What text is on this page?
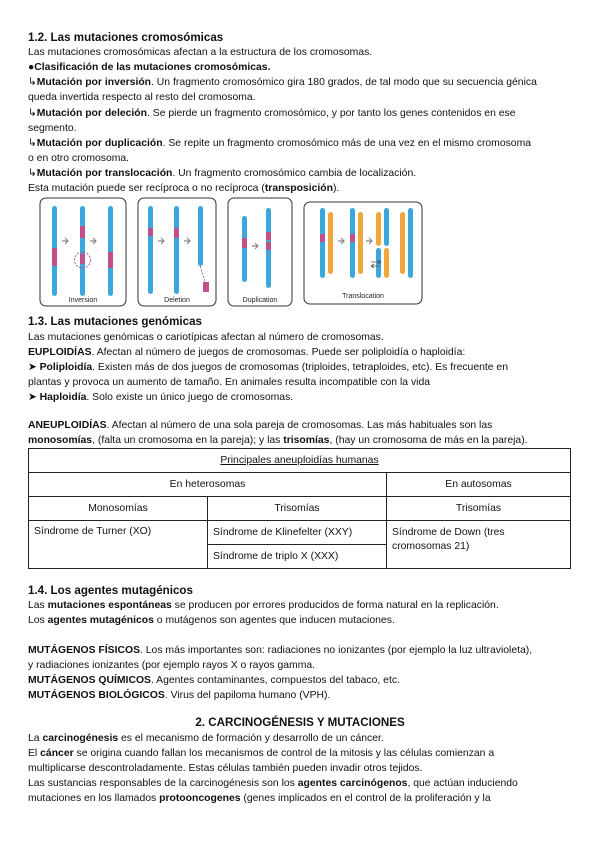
1.2. Las mutaciones cromosómicas
Las mutaciones cromosómicas afectan a la estructura de los cromosomas.
●Clasificación de las mutaciones cromosómicas.
↳Mutación por inversión. Un fragmento cromosómico gira 180 grados, de tal modo que su secuencia génica
queda invertida respecto al resto del cromosoma.
↳Mutación por deleción. Se pierde un fragmento cromosómico, y por tanto los genes contenidos en ese
segmento.
↳Mutación por duplicación. Se repite un fragmento cromosómico más de una vez en el mismo cromosoma
o en otro cromosoma.
↳Mutación por translocación. Un fragmento cromosómico cambia de localización.
Esta mutación puede ser recíproca o no recíproca (transposición).
Inversion	Deletion	Duplication
Translocation
1.3. Las mutaciones genómicas
Las mutaciones genómicas o cariotípicas afectan al número de cromosomas.
EUPLOIDÍAS. Afectan al número de juegos de cromosomas. Puede ser poliploidía o haploidía:
➤ Poliploidía. Existen más de dos juegos de cromosomas (triploides, tetraploides, etc). Es frecuente en
plantas y provoca un aumento de tamaño. En animales resulta incompatible con la vida
➤ Haploidía. Solo existe un único juego de cromosomas.
ANEUPLOIDÍAS. Afectan al número de una sola pareja de cromosomas. Las más habituales son las
monosomías, (falta un cromosoma en la pareja); y las trisomías, (hay un cromosoma de más en la pareja).
Principales aneuploidías humanas		
En heterosomas		En autosomas
Monosomías	Trisomías	Trisomías
Síndrome de Turner (XO)	Síndrome de Klinefelter (XXY)	Síndrome de Down (tres
cromosomas 21)
	Síndrome de triplo X (XXX)	
1.4. Los agentes mutagénicos
Las mutaciones espontáneas se producen por errores producidos de forma natural en la replicación.
Los agentes mutagénicos o mutágenos son agentes que inducen mutaciones.
MUTÁGENOS FÍSICOS. Los más importantes son: radiaciones no ionizantes (por ejemplo la luz ultravioleta),
y radiaciones ionizantes (por ejemplo rayos X o rayos gamma.
MUTÁGENOS QUÍMICOS. Agentes contaminantes, compuestos del tabaco, etc.
MUTÁGENOS BIOLÓGICOS. Virus del papiloma humano (VPH).
2. CARCINOGÉNESIS Y MUTACIONES
La carcinogénesis es el mecanismo de formación y desarrollo de un cáncer.
El cáncer se origina cuando fallan los mecanismos de control de la mitosis y las células comienzan a
multiplicarse descontroladamente. Estas células también pueden invadir otros tejidos.
Las sustancias responsables de la carcinogénesis son los agentes carcinógenos, que actúan induciendo
mutaciones en los llamados protooncogenes (genes implicados en el control de la proliferación y la
